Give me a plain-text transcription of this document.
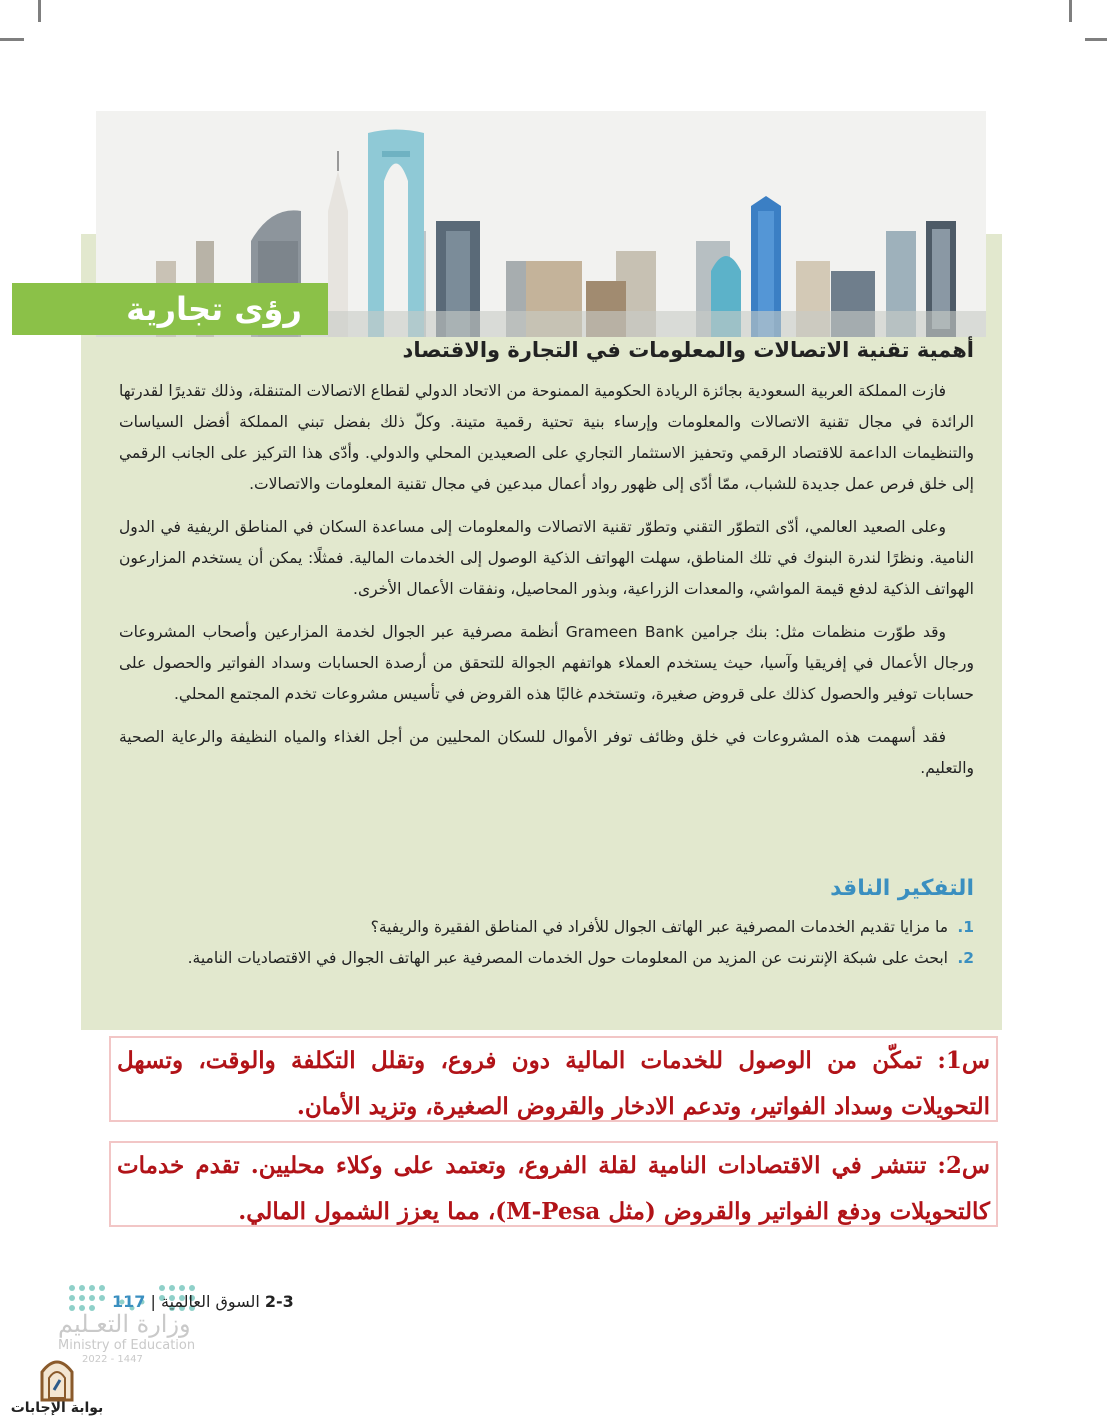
رؤى تجارية
أهمية تقنية الاتصالات والمعلومات في التجارة والاقتصاد

فازت المملكة العربية السعودية بجائزة الريادة الحكومية الممنوحة من الاتحاد الدولي لقطاع الاتصالات المتنقلة، وذلك تقديرًا لقدرتها الرائدة في مجال تقنية الاتصالات والمعلومات وإرساء بنية تحتية رقمية متينة. وكلّ ذلك بفضل تبني المملكة أفضل السياسات والتنظيمات الداعمة للاقتصاد الرقمي وتحفيز الاستثمار التجاري على الصعيدين المحلي والدولي. وأدّى هذا التركيز على الجانب الرقمي إلى خلق فرص عمل جديدة للشباب، ممّا أدّى إلى ظهور رواد أعمال مبدعين في مجال تقنية المعلومات والاتصالات.

وعلى الصعيد العالمي، أدّى التطوّر التقني وتطوّر تقنية الاتصالات والمعلومات إلى مساعدة السكان في المناطق الريفية في الدول النامية. ونظرًا لندرة البنوك في تلك المناطق، سهلت الهواتف الذكية الوصول إلى الخدمات المالية. فمثلًا: يمكن أن يستخدم المزارعون الهواتف الذكية لدفع قيمة المواشي، والمعدات الزراعية، وبذور المحاصيل، ونفقات الأعمال الأخرى.

وقد طوّرت منظمات مثل: بنك جرامين Grameen Bank أنظمة مصرفية عبر الجوال لخدمة المزارعين وأصحاب المشروعات ورجال الأعمال في إفريقيا وآسيا، حيث يستخدم العملاء هواتفهم الجوالة للتحقق من أرصدة الحسابات وسداد الفواتير والحصول على حسابات توفير والحصول كذلك على قروض صغيرة، وتستخدم غالبًا هذه القروض في تأسيس مشروعات تخدم المجتمع المحلي.

فقد أسهمت هذه المشروعات في خلق وظائف توفر الأموال للسكان المحليين من أجل الغذاء والمياه النظيفة والرعاية الصحية والتعليم.

التفكير الناقد
1.
ما مزايا تقديم الخدمات المصرفية عبر الهاتف الجوال للأفراد في المناطق الفقيرة والريفية؟
2.
ابحث على شبكة الإنترنت عن المزيد من المعلومات حول الخدمات المصرفية عبر الهاتف الجوال في الاقتصاديات النامية.
س1: تمكّن من الوصول للخدمات المالية دون فروع، وتقلل التكلفة والوقت، وتسهل التحويلات وسداد الفواتير، وتدعم الادخار والقروض الصغيرة، وتزيد الأمان.
س2: تنتشر في الاقتصادات النامية لقلة الفروع، وتعتمد على وكلاء محليين. تقدم خدمات كالتحويلات ودفع الفواتير والقروض (مثل M-Pesa)، مما يعزز الشمول المالي.
وزارة التعـليم
Ministry of Education
2022 - 1447
2-3 السوق العالمية | 117
بوابة الإجابات
